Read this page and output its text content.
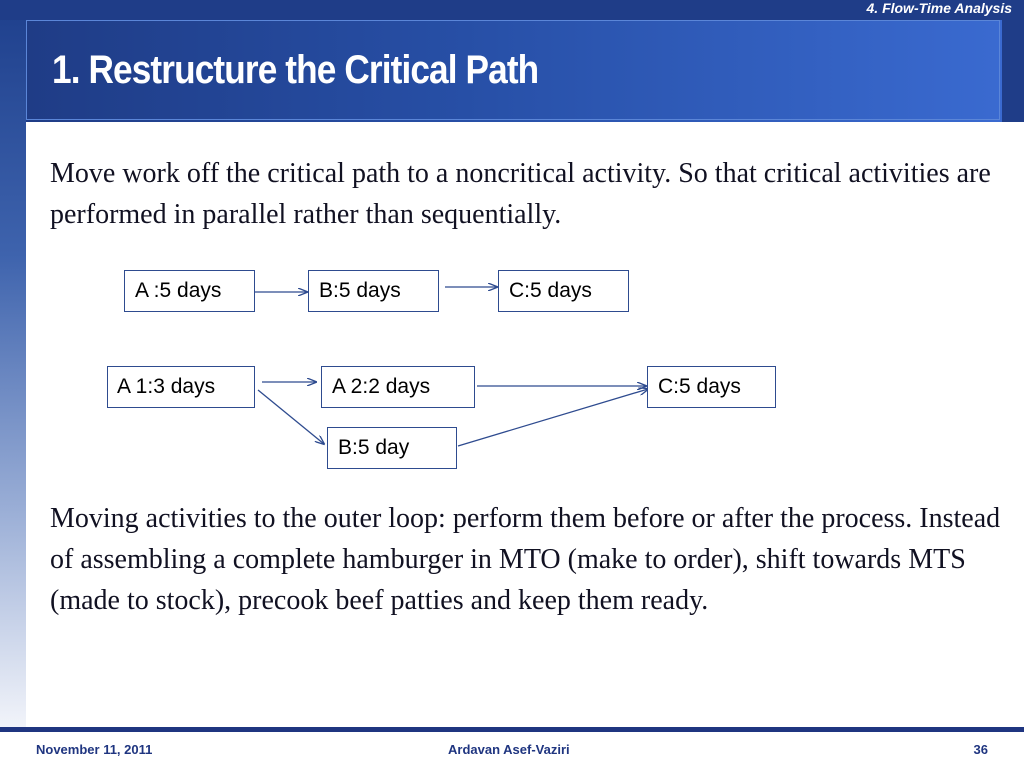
4. Flow-Time Analysis
1. Restructure the Critical Path

Move work off the critical path to a noncritical activity. So that critical activities are performed in parallel rather than sequentially.

A :5 days	B:5 days	C:5 days
A 1:3 days	A 2:2 days	C:5 days
B:5 day

Moving activities to the outer loop: perform them before or after the process. Instead of assembling a complete hamburger in MTO (make to order), shift towards MTS (made to stock), precook beef patties and keep them ready.

November 11, 2011	Ardavan Asef-Vaziri	36
